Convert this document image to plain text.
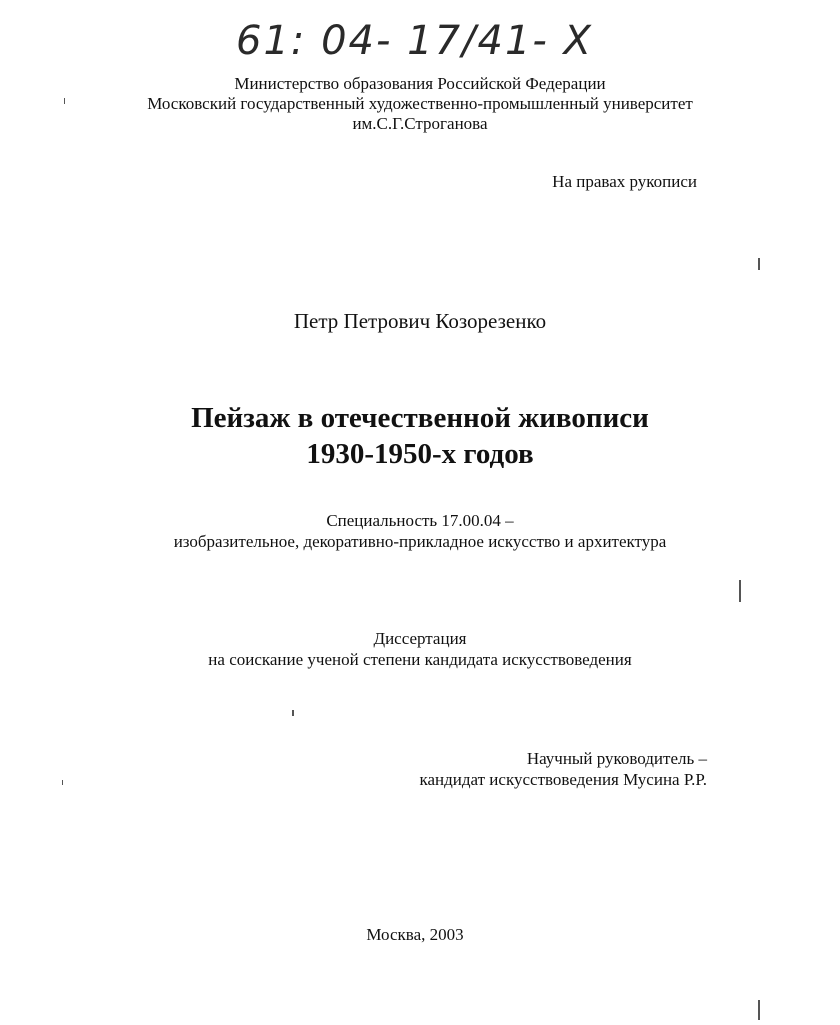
61: 04- 17/41- X
Министерство образования Российской Федерации
Московский государственный художественно-промышленный университет
им.С.Г.Строганова
На правах рукописи
Петр Петрович Козорезенко
Пейзаж в отечественной живописи
1930-1950-х годов
Специальность 17.00.04 –
изобразительное, декоративно-прикладное искусство и архитектура
Диссертация
на соискание ученой степени кандидата искусствоведения
Научный руководитель –
кандидат искусствоведения Мусина Р.Р.
Москва, 2003
